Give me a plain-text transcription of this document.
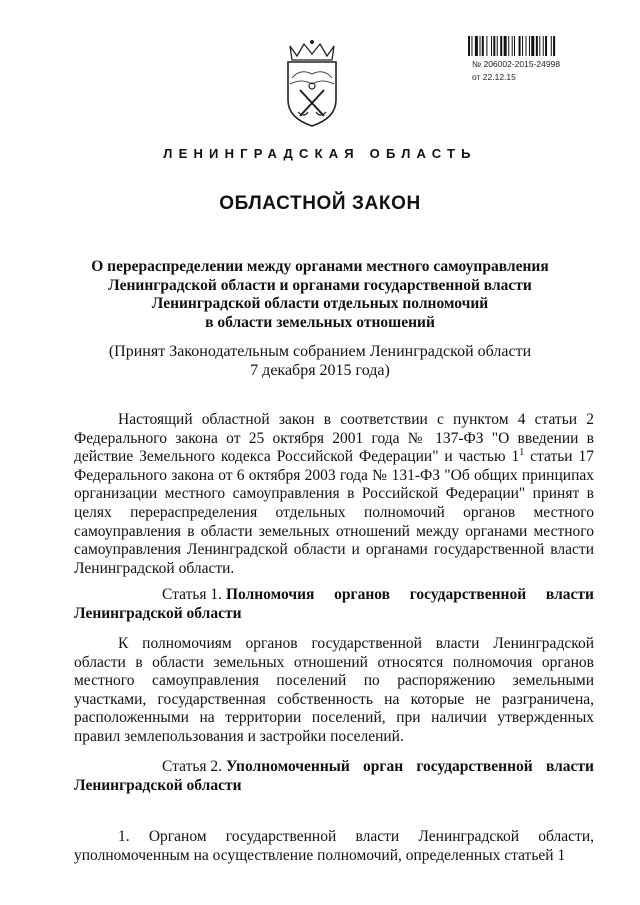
№ 206002-2015-24998
от 22.12.15
ЛЕНИНГРАДСКАЯ ОБЛАСТЬ
ОБЛАСТНОЙ ЗАКОН
О перераспределении между органами местного самоуправления
Ленинградской области и органами государственной власти
Ленинградской области отдельных полномочий
в области земельных отношений
(Принят Законодательным собранием Ленинградской области
7 декабря 2015 года)
Настоящий областной закон в соответствии с пунктом 4 статьи 2 Федерального закона от 25 октября 2001 года № 137-ФЗ "О введении в действие Земельного кодекса Российской Федерации" и частью $1^1$ статьи 17 Федерального закона от 6 октября 2003 года № 131-ФЗ "Об общих принципах организации местного самоуправления в Российской Федерации" принят в целях перераспределения отдельных полномочий органов местного самоуправления в области земельных отношений между органами местного самоуправления Ленинградской области и органами государственной власти Ленинградской области.
Статья 1. Полномочия органов государственной власти
Ленинградской области
К полномочиям органов государственной власти Ленинградской области в области земельных отношений относятся полномочия органов местного самоуправления поселений по распоряжению земельными участками, государственная собственность на которые не разграничена, расположенными на территории поселений, при наличии утвержденных правил землепользования и застройки поселений.
Статья 2. Уполномоченный орган государственной власти
Ленинградской области
1. Органом государственной власти Ленинградской области, уполномоченным на осуществление полномочий, определенных статьей 1
